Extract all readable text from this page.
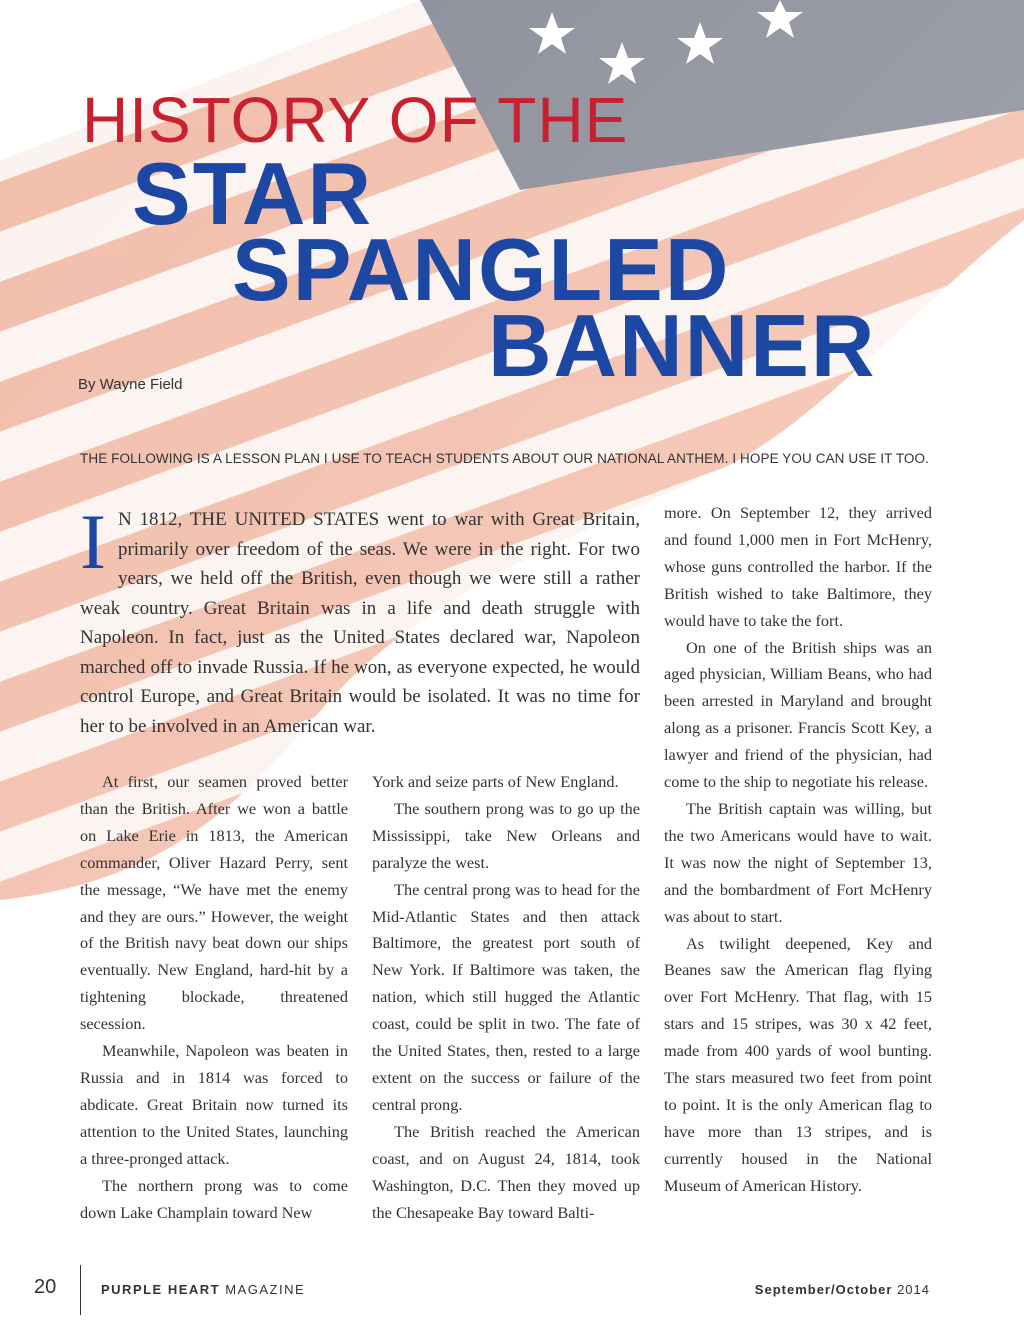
HISTORY OF THE
STAR
SPANGLED
BANNER
By Wayne Field
THE FOLLOWING IS A LESSON PLAN I USE TO TEACH STUDENTS ABOUT OUR NATIONAL ANTHEM. I HOPE YOU CAN USE IT TOO.

I N 1812, THE UNITED STATES went to war with Great Britain, primarily over freedom of the seas. We were in the right. For two years, we held off the British, even though we were still a rather weak country. Great Britain was in a life and death struggle with Napoleon. In fact, just as the United States declared war, Napoleon marched off to invade Russia. If he won, as everyone expected, he would control Europe, and Great Britain would be isolated. It was no time for her to be involved in an American war.

At first, our seamen proved better than the British. After we won a battle on Lake Erie in 1813, the American commander, Oliver Hazard Perry, sent the message, “We have met the enemy and they are ours.” However, the weight of the British navy beat down our ships eventually. New England, hard-hit by a tightening blockade, threatened secession.

Meanwhile, Napoleon was beaten in Russia and in 1814 was forced to abdicate. Great Britain now turned its attention to the United States, launching a three-pronged attack.

The northern prong was to come down Lake Champlain toward New

York and seize parts of New England.

The southern prong was to go up the Mississippi, take New Orleans and paralyze the west.

The central prong was to head for the Mid-Atlantic States and then attack Baltimore, the greatest port south of New York. If Baltimore was taken, the nation, which still hugged the Atlantic coast, could be split in two. The fate of the United States, then, rested to a large extent on the success or failure of the central prong.

The British reached the American coast, and on August 24, 1814, took Washington, D.C. Then they moved up the Chesapeake Bay toward Balti-

more. On September 12, they arrived and found 1,000 men in Fort McHenry, whose guns controlled the harbor. If the British wished to take Baltimore, they would have to take the fort.

On one of the British ships was an aged physician, William Beans, who had been arrested in Maryland and brought along as a prisoner. Francis Scott Key, a lawyer and friend of the physician, had come to the ship to negotiate his release.

The British captain was willing, but the two Americans would have to wait. It was now the night of September 13, and the bombardment of Fort McHenry was about to start.

As twilight deepened, Key and Beanes saw the American flag flying over Fort McHenry. That flag, with 15 stars and 15 stripes, was 30 x 42 feet, made from 400 yards of wool bunting. The stars measured two feet from point to point. It is the only American flag to have more than 13 stripes, and is currently housed in the National Museum of American History.

20	PURPLE HEART MAGAZINE	September/October 2014
